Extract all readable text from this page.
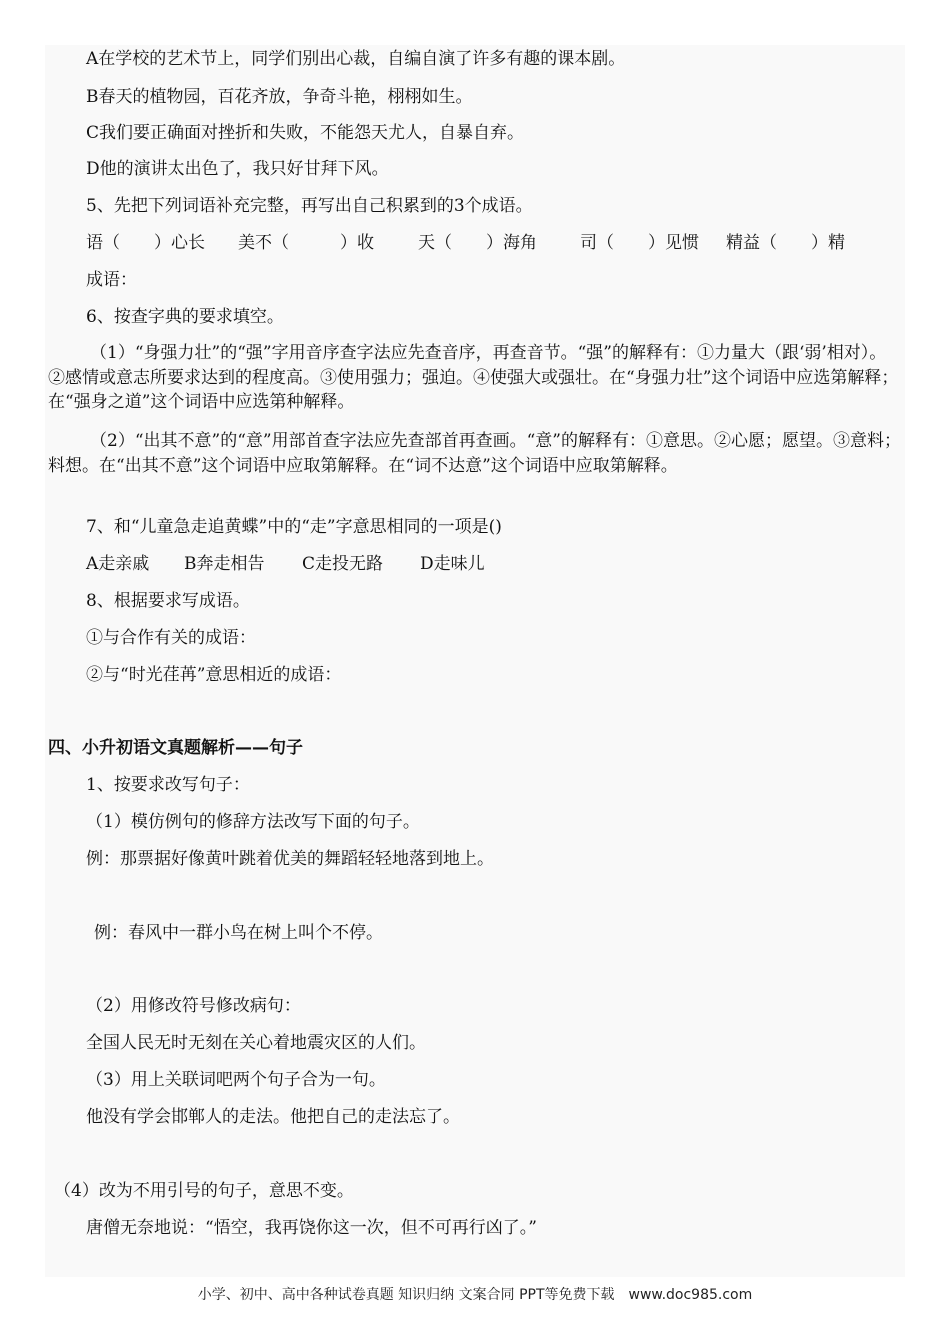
A在学校的艺术节上，同学们别出心裁，自编自演了许多有趣的课本剧。
B春天的植物园，百花齐放，争奇斗艳，栩栩如生。
C我们要正确面对挫折和失败，不能怨天尤人，自暴自弃。
D他的演讲太出色了，我只好甘拜下风。
5、先把下列词语补充完整，再写出自己积累到的3个成语。
语（　　）心长	美不（　　　）收	天（　　）海角	司（　　）见惯	精益（　　）精
成语：
6、按查字典的要求填空。
（1）“身强力壮”的“强”字用音序查字法应先查音序，再查音节。“强”的解释有：①力量大（跟‘弱’相对）。②感情或意志所要求达到的程度高。③使用强力；强迫。④使强大或强壮。在“身强力壮”这个词语中应选第解释；在“强身之道”这个词语中应选第种解释。
（2）“出其不意”的“意”用部首查字法应先查部首再查画。“意”的解释有：①意思。②心愿；愿望。③意料；料想。在“出其不意”这个词语中应取第解释。在“词不达意”这个词语中应取第解释。
7、和“儿童急走追黄蝶”中的“走”字意思相同的一项是()
A走亲戚	B奔走相告	C走投无路	D走味儿
8、根据要求写成语。
①与合作有关的成语：
②与“时光荏苒”意思相近的成语：
四、小升初语文真题解析——句子
1、按要求改写句子：
（1）模仿例句的修辞方法改写下面的句子。
例：那票据好像黄叶跳着优美的舞蹈轻轻地落到地上。
例：春风中一群小鸟在树上叫个不停。
（2）用修改符号修改病句：
全国人民无时无刻在关心着地震灾区的人们。
（3）用上关联词吧两个句子合为一句。
他没有学会邯郸人的走法。他把自己的走法忘了。
（4）改为不用引号的句子，意思不变。
唐僧无奈地说：“悟空，我再饶你这一次，但不可再行凶了。”
小学、初中、高中各种试卷真题 知识归纳 文案合同 PPT等免费下载　www.doc985.com
